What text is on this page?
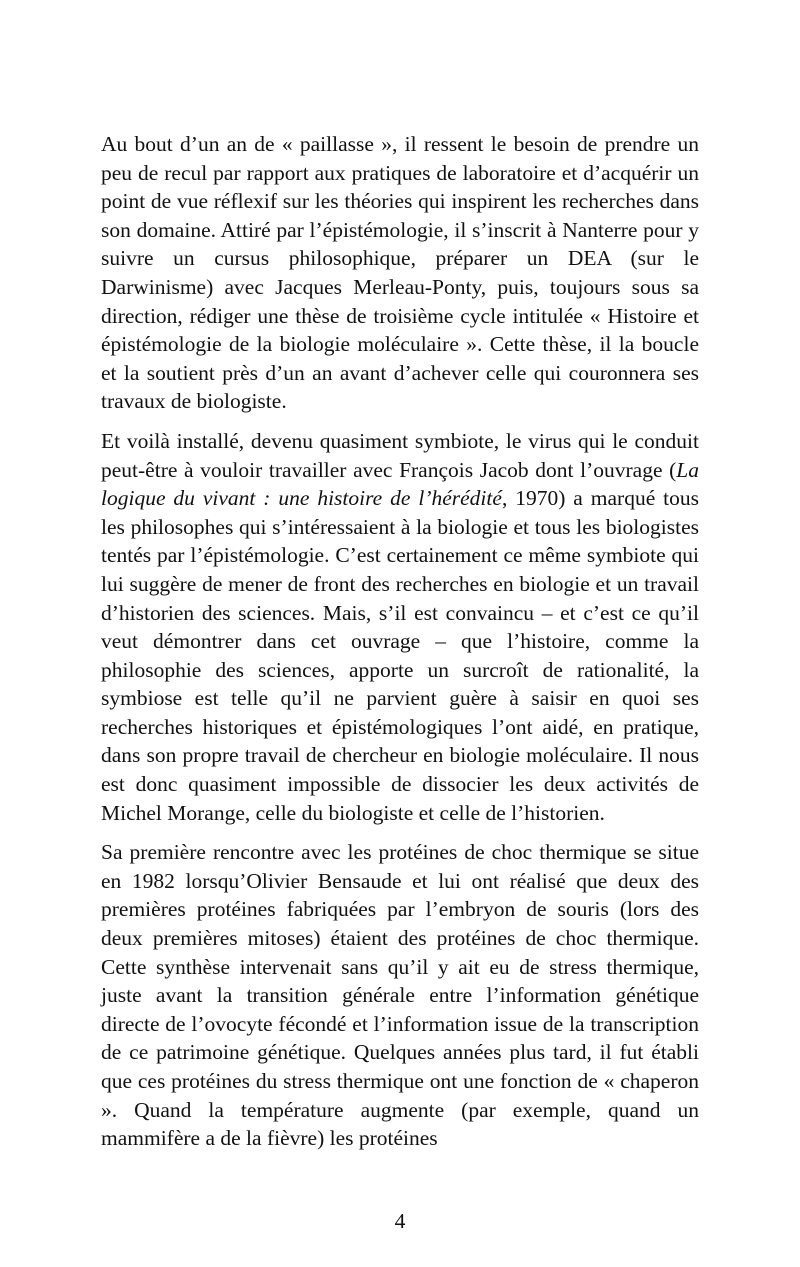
Au bout d’un an de « paillasse », il ressent le besoin de prendre un peu de recul par rapport aux pratiques de laboratoire et d’acquérir un point de vue réflexif sur les théories qui inspirent les recherches dans son domaine. Attiré par l’épistémologie, il s’inscrit à Nanterre pour y suivre un cursus philosophique, préparer un DEA (sur le Darwinisme) avec Jacques Merleau-Ponty, puis, toujours sous sa direction, rédiger une thèse de troisième cycle intitulée « Histoire et épistémologie de la biologie moléculaire ». Cette thèse, il la boucle et la soutient près d’un an avant d’achever celle qui couronnera ses travaux de biologiste.

Et voilà installé, devenu quasiment symbiote, le virus qui le conduit peut-être à vouloir travailler avec François Jacob dont l’ouvrage (La logique du vivant : une histoire de l’hérédité, 1970) a marqué tous les philosophes qui s’intéressaient à la biologie et tous les biologistes tentés par l’épistémologie. C’est certainement ce même symbiote qui lui suggère de mener de front des recherches en biologie et un travail d’historien des sciences. Mais, s’il est convaincu – et c’est ce qu’il veut démontrer dans cet ouvrage – que l’histoire, comme la philosophie des sciences, apporte un surcroît de rationalité, la symbiose est telle qu’il ne parvient guère à saisir en quoi ses recherches historiques et épistémologiques l’ont aidé, en pratique, dans son propre travail de chercheur en biologie moléculaire. Il nous est donc quasiment impossible de dissocier les deux activités de Michel Morange, celle du biologiste et celle de l’historien.

Sa première rencontre avec les protéines de choc thermique se situe en 1982 lorsqu’Olivier Bensaude et lui ont réalisé que deux des premières protéines fabriquées par l’embryon de souris (lors des deux premières mitoses) étaient des protéines de choc thermique. Cette synthèse intervenait sans qu’il y ait eu de stress thermique, juste avant la transition générale entre l’information génétique directe de l’ovocyte fécondé et l’information issue de la transcription de ce patrimoine génétique. Quelques années plus tard, il fut établi que ces protéines du stress thermique ont une fonction de « chaperon ». Quand la température augmente (par exemple, quand un mammifère a de la fièvre) les protéines

4
